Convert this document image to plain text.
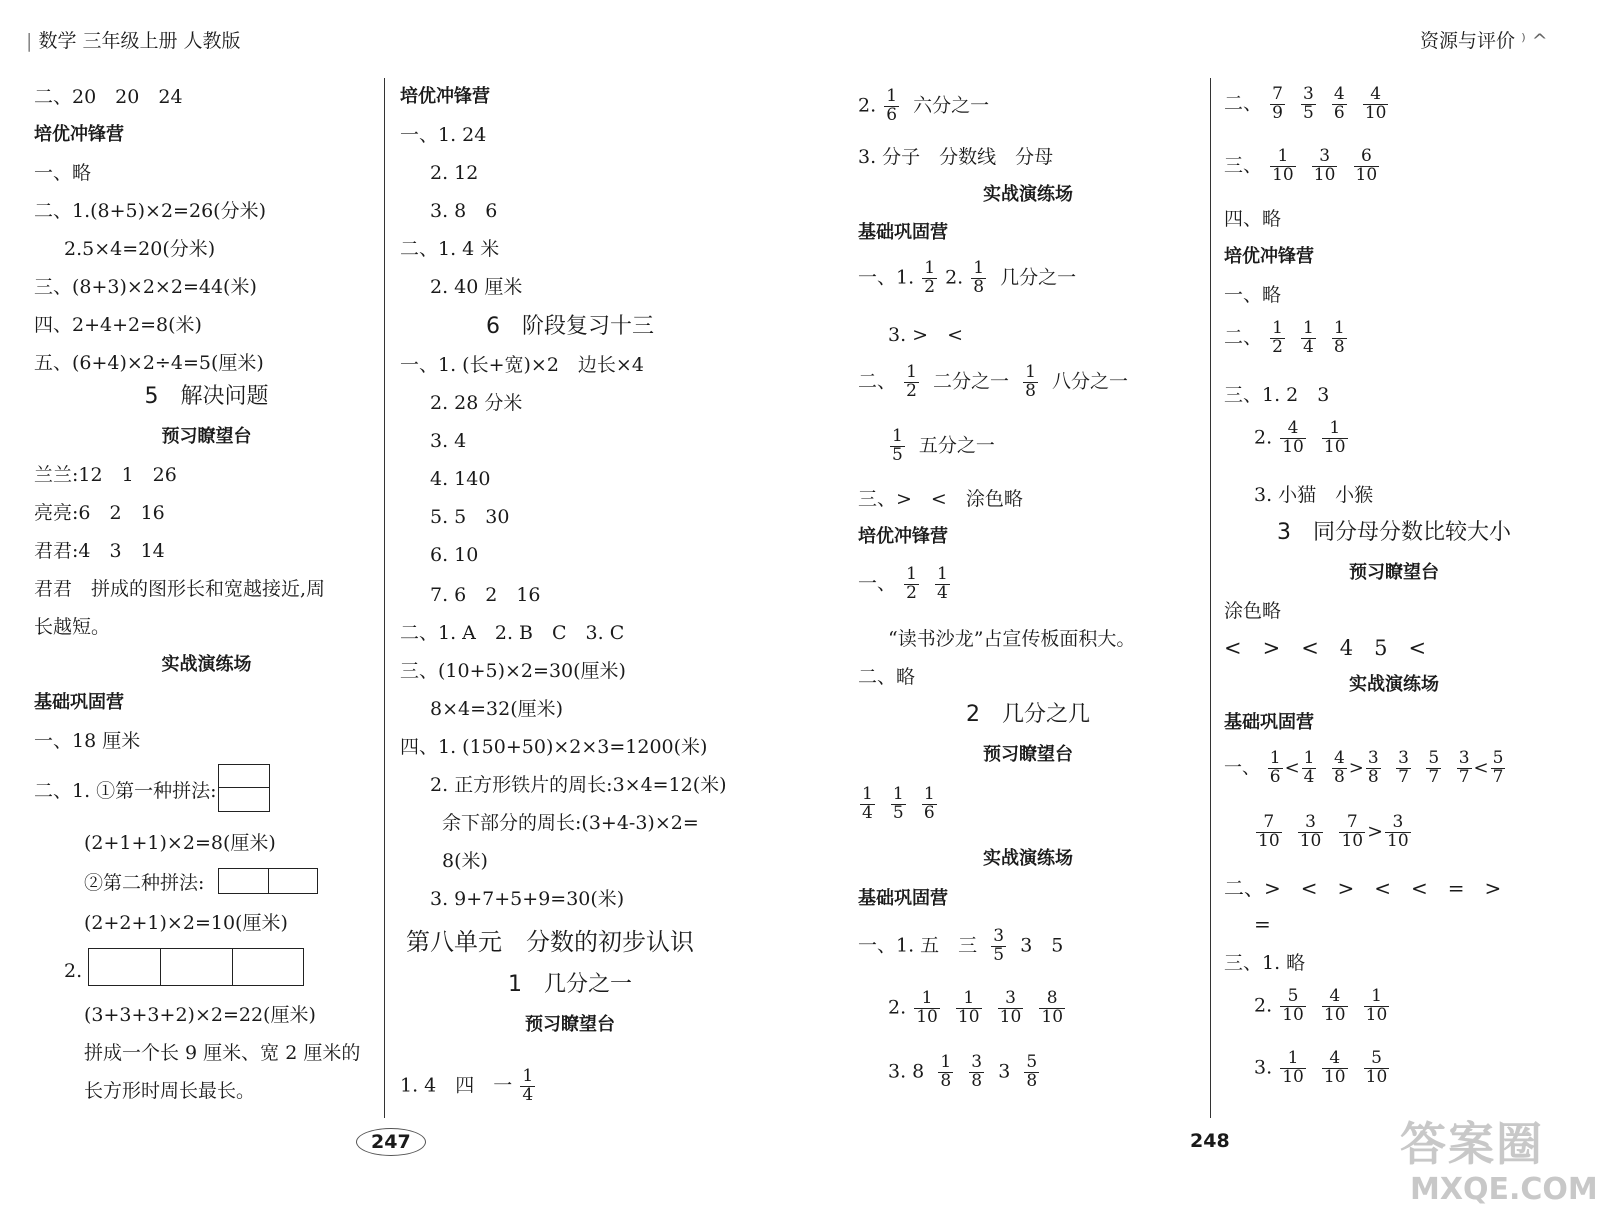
| 数学 三年级上册 人教版	资源与评价 ⁾ ^
二、20　20　24
培优冲锋营
一、略
二、1.(8+5)×2=26(分米)
2.5×4=20(分米)
三、(8+3)×2×2=44(米)
四、2+4+2=8(米)
五、(6+4)×2÷4=5(厘米)
5　解决问题
预习瞭望台
兰兰:12　1　26
亮亮:6　2　16
君君:4　3　14
君君　拼成的图形长和宽越接近,周
长越短。
实战演练场
基础巩固营
一、18 厘米
二、1. ①第一种拼法:
(2+1+1)×2=8(厘米)
②第二种拼法:
(2+2+1)×2=10(厘米)
2.
(3+3+3+2)×2=22(厘米)
拼成一个长 9 厘米、宽 2 厘米的
长方形时周长最长。
培优冲锋营
一、1. 24
2. 12
3. 8　6
二、1. 4 米
2. 40 厘米
6　阶段复习十三
一、1. (长+宽)×2　边长×4
2. 28 分米
3. 4
4. 140
5. 5　30
6. 10
7. 6　2　16
二、1. A　2. B　C　3. C
三、(10+5)×2=30(厘米)
8×4=32(厘米)
四、1. (150+50)×2×3=1200(米)
2. 正方形铁片的周长:3×4=12(米)
余下部分的周长:(3+4-3)×2=
8(米)
3. 9+7+5+9=30(米)
第八单元　分数的初步认识
1　几分之一
预习瞭望台
1. 4　四　一 $\frac{1}{4}$
2. $\frac{1}{6}$ 六分之一
3. 分子　分数线　分母
实战演练场
基础巩固营
一、1. $\frac{1}{2} 2$. $\frac{1}{8}$ 几分之一
3. >　<
二、 $\frac{1}{2}$ 二分之一 $\frac{1}{8}$ 八分之一
$\frac{1}{5}$ 五分之一
三、>　<　涂色略
培优冲锋营
一、 $\frac{1}{2}$
$\frac{1}{4}$
“读书沙龙”占宣传板面积大。
二、略
2　几分之几
预习瞭望台
$\frac{1}{4}$
$\frac{1}{5}$
$\frac{1}{6}$
实战演练场
基础巩固营
一、1. 五　三 $\frac{3}{5} 3$　5
2. $\frac{1}{10}$
$\frac{1}{10}$
$\frac{3}{10}$
$\frac{8}{10}$
3. $8 \frac{1}{8}$
$\frac{3}{8} 3 \frac{5}{8}$
二、 $\frac{7}{9}$
$\frac{3}{5}$
$\frac{4}{6}$
$\frac{4}{10}$
三、 $\frac{1}{10}$
$\frac{3}{10}$
$\frac{6}{10}$
四、略
培优冲锋营
一、略
二、 $\frac{1}{2}$
$\frac{1}{4}$
$\frac{1}{8}$
三、1. 2　3
2. $\frac{4}{10}$
$\frac{1}{10}$
3. 小猫　小猴
3　同分母分数比较大小
预习瞭望台
涂色略
<　>　<　4　5　<
实战演练场
基础巩固营
一、 $\frac{1}{6} < \frac{1}{4}$
$\frac{4}{8} > \frac{3}{8}$
$\frac{3}{7}$
$\frac{5}{7}$
$\frac{3}{7} < \frac{5}{7}$
$\frac{7}{10}$
$\frac{3}{10}$
$\frac{7}{10} > \frac{3}{10}$
二、>　<　>　<　<　=　>
=
三、1. 略
2. $\frac{5}{10}$
$\frac{4}{10}$
$\frac{1}{10}$
3. $\frac{1}{10}$
$\frac{4}{10}$
$\frac{5}{10}$
247	248	答案圈
MXQE.COM
